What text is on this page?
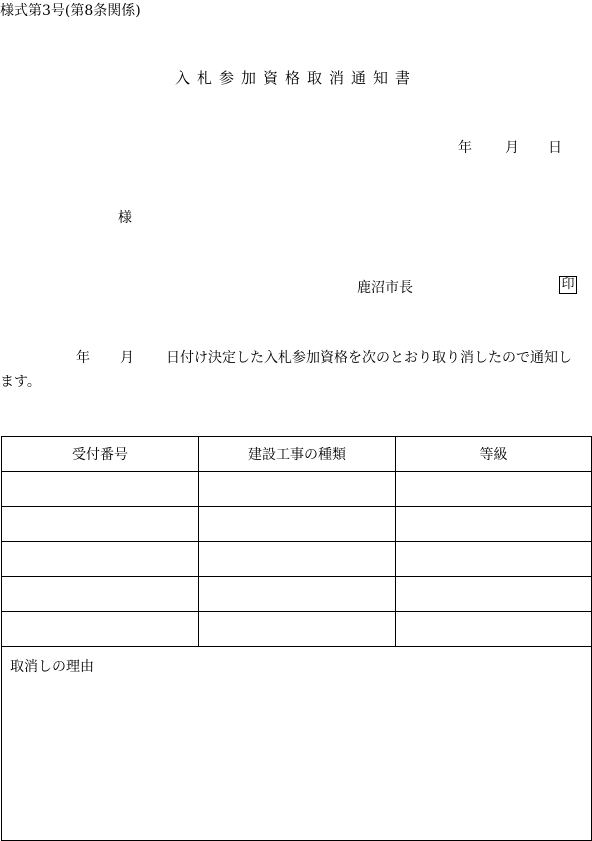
様式第3号(第8条関係)
入札参加資格取消通知書
年 月 日
様
鹿沼市長	印
年 月 日付け決定した入札参加資格を次のとおり取り消したので通知し
ます。
受付番号	建設工事の種類	等級

取消しの理由		
